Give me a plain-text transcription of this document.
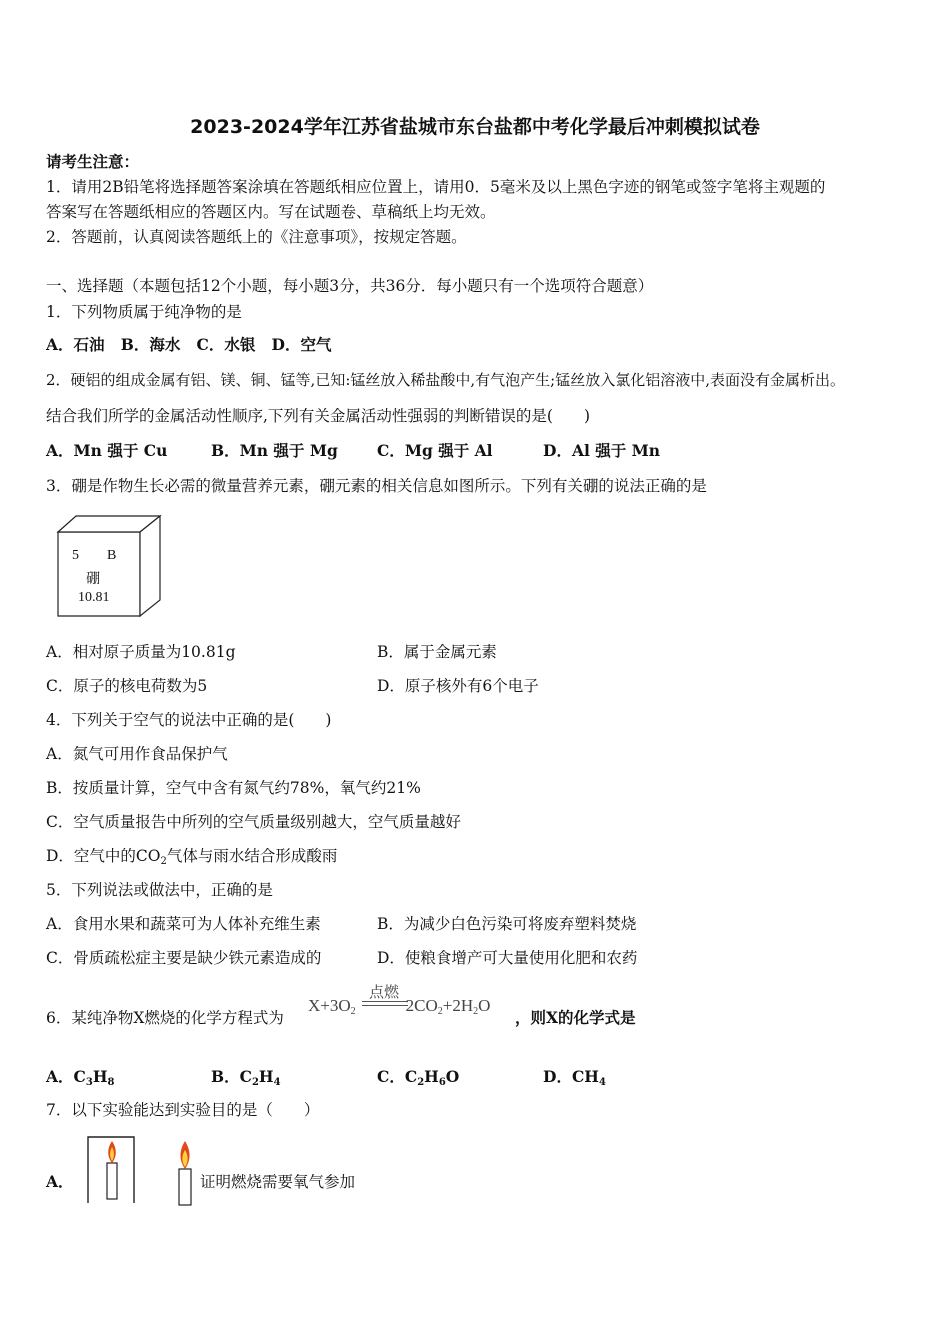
2023-2024学年江苏省盐城市东台盐都中考化学最后冲刺模拟试卷
请考生注意：
1．请用2B铅笔将选择题答案涂填在答题纸相应位置上，请用0．5毫米及以上黑色字迹的钢笔或签字笔将主观题的
答案写在答题纸相应的答题区内。写在试题卷、草稿纸上均无效。
2．答题前，认真阅读答题纸上的《注意事项》，按规定答题。
一、选择题（本题包括12个小题，每小题3分，共36分．每小题只有一个选项符合题意）
1．下列物质属于纯净物的是
A．石油   B．海水   C．水银   D．空气
2．硬铝的组成金属有铝、镁、铜、锰等,已知:锰丝放入稀盐酸中,有气泡产生;锰丝放入氯化铝溶液中,表面没有金属析出。
结合我们所学的金属活动性顺序,下列有关金属活动性强弱的判断错误的是(　　)
A．Mn 强于 Cu	B．Mn 强于 Mg	C．Mg 强于 Al	D．Al 强于 Mn
3．硼是作物生长必需的微量营养元素，硼元素的相关信息如图所示。下列有关硼的说法正确的是
5 B
硼
10.81
A．相对原子质量为10.81g	B．属于金属元素
C．原子的核电荷数为5	D．原子核外有6个电子
4．下列关于空气的说法中正确的是(　　)
A．氮气可用作食品保护气
B．按质量计算，空气中含有氮气约78%，氧气约21%
C．空气质量报告中所列的空气质量级别越大，空气质量越好
D．空气中的$CO_2$气体与雨水结合形成酸雨
5．下列说法或做法中，正确的是
A．食用水果和蔬菜可为人体补充维生素	B．为减少白色污染可将废弃塑料焚烧
C．骨质疏松症主要是缺少铁元素造成的	D．使粮食增产可大量使用化肥和农药
6．某纯净物X燃烧的化学方程式为
点燃
$X+3O_2$	$2CO_2+2H_2O$
，则X的化学式是
A．$C_3H_8$	B．$C_2H_4$	C．$C_2H_6O$	D．$CH_4$
7．以下实验能达到实验目的是（　　）
A．	证明燃烧需要氧气参加
